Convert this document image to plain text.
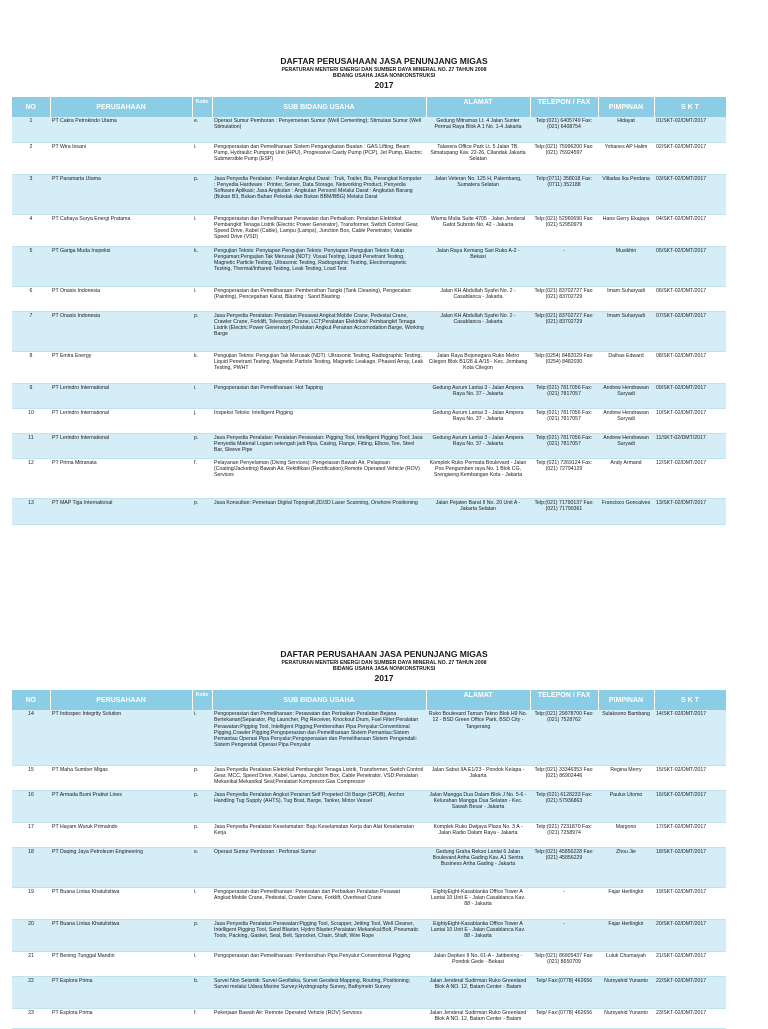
DAFTAR PERUSAHAAN JASA PENUNJANG MIGAS
PERATURAN MENTERI ENERGI DAN SUMBER DAYA MINERAL NO. 27 TAHUN 2008
BIDANG USAHA JASA NONKONSTRUKSI
2017
NO	PERUSAHAAN	Kode	SUB BIDANG USAHA	ALAMAT	TELEPON / FAX	PIMPINAN	S K T
1	PT Cakra Petrokindo Utama	e.	Operasi Sumur Pemboran : Penyemenan Sumur (Well Cementing); Stimulasi Sumur (Well Stimulation)	Gedung Mitramas Lt. 4 Jalan Sunter Permai Raya Blok A 1 No. 1-4 Jakarta	Telp:(021) 6405749 Fax:(021) 6408754	Hidayat	01/SKT-02/DMT/2017
2	PT Wira Insani	i.	Pengoperasian dan Pemeliharaan Sistem Pengangkatan Buatan : GAS Lifting, Beam Pump, Hydraulic Pumping Unit (HPU), Progressive Cavity Pump (PCP), Jet Pump, Electric Submersible Pump (ESP)	Talavera Office Park Lt. 5 Jalan TB. Simatupang Kav. 22-26, Cilandak Jakarta Selatan	Telp:(021) 75996200 Fax:(021) 75924597	Yohanes AP Halim	02/SKT-02/DMT/2017
3	PT Paramarta Utama	p.	Jasa Penyedia Peralatan : Peralatan Angkut Darat : Truk, Trailer, Bis, Perangkat Komputer : Penyedia Hardware : Printer, Server, Data Storage, Networking Product, Penyedia Software Aplikasi; Jasa Angkutan : Angkutan Personil Melalui Darat : Angkutan Barang (Bukan B3, Bukan Bahan Peledak dan Bukan BBM/BBG) Melalui Darat	Jalan Veteran No. 125 H, Palembang, Sumatera Selatan	Telp:(0711) 358018 Fax:(0711) 352188	Villadas Ika Perdana	03/SKT-02/DMT/2017
4	PT Cahaya Surya Energi Pratama	i.	Pengoperasian dan Pemeliharaan Perawatan dan Perbaikan: Peralatan Elektrikal: Pembangkit Tenaga Listrik (Electric Power Generator), Transformer, Switch Control Gear, Speed Drive, Kabel (Cable), Lampu (Lamps), Junction Box, Cable Penetrator, Variable Speed Drive (VSD)	Wisma Mulia Suite 4705 - Jalan Jenderal Gatot Subroto No. 42 - Jakarta	Telp:(021) 52960690 Fax:(021) 52950979	Hans Gerry Ekajaya	04/SKT-02/DMT/2017
5	PT Gariga Muda Inspeksi	k.	Pengujian Teknis: Penyiapan Pengujian Teknis: Penyiapan Pengujian Teknis Katup Pengaman;Pengujian Tak Merusak (NDT): Visual Testing, Liquid Penetrant Testing, Magnetic Particle Testing, Ultrasonic Testing, Radiographic Testing, Electromagnetic Testing, Thermal/Infrared Testing, Leak Testing, Load Test	Jalan Raya Kemang Sari Ruko A-2 - Bekasi	-	Musikhin	05/SKT-02/DMT/2017
6	PT Onasis Indonesia	i.	Pengoperasian dan Pemeliharaan: Pembersihan Tangki (Tank Cleaning), Pengecatan (Painting), Pencegahan Karat, Blasting : Sand Blasting	Jalan KH Abdullah Syafei No. 2 - Casablanca - Jakarta	Telp:(021) 83702727 Fax:(021) 83702729	Imam Suharyadi	06/SKT-02/DMT/2017
7	PT Onasis Indonesia	p.	Jasa Penyedia Peralatan: Peralatan Pesawat Angkat:Mobile Crane, Pedestal Crane, Crawler Crane, Forklift, Telescopic Crane, LCT;Peralatan Elektrikal: Pembangkit Tenaga Listrik (Electric Power Generator);Peralatan Angkut Perairan:Accomodation Barge, Working Barge	Jalan KH Abdullah Syafei No. 2 - Casablanca - Jakarta	Telp:(021) 83702727 Fax:(021) 83702729	Imam Suharyadi	07/SKT-02/DMT/2017
8	PT Emira Energy	k.	Pengujian Teknis: Pengujian Tak Merusak (NDT): Ultrasonic Testing, Radiographic Testing, Liquid Penetrant Testing, Magnetic Particle Testing, Magnetic Leakage, Phased Array, Leak Testing, PWHT	Jalan Raya Bojonegara Ruko Metro Cilegon Blok B1/28 & A/15 - Kec. Jombang Kota Cilegon	Telp:(0254) 8482029 Fax:(0254) 8482030	Dalhas Edward	08/SKT-02/DMT/2017
9	PT Lerindro International	i.	Pengoperasian dan Pemeliharaan: Hot Tapping	Gedung Aurum Lantai 3 - Jalan Ampera Raya No. 37 - Jakarta	Telp:(021) 7817056 Fax:(021) 7817057	Andrew Hendrawan Suryadi	09/SKT-02/DMT/2017
10	PT Lerindro International	j.	Inspeksi Teknis: Intelligent Pigging	Gedung Aurum Lantai 3 - Jalan Ampera Raya No. 37 - Jakarta	Telp:(021) 7817056 Fax:(021) 7817057	Andrew Hendrawan Suryadi	10/SKT-02/DMT/2017
11	PT Lerindro International	p.	Jasa Penyedia Peralatan: Peralatan Perawatan: Pigging Tool, Intelligent Pigging Tool; Jasa Penyedia Material Logam setengah jadi:Pipa, Casing, Flange, Fitting, Elbow, Tee, Steel Bar, Sleeve Pipe	Gedung Aurum Lantai 3 - Jalan Ampera Raya No. 37 - Jakarta	Telp:(021) 7817056 Fax:(021) 7817057	Andrew Hendrawan Suryadi	11/SKT-02/DMT/2017
12	PT Prima Mitranata	f.	Pelayanan Penyelaman (Diving Services): Pengelasan Bawah Air, Pelapisan (Coating/Jacketing) Bawah Air, Rektifikasi (Rectification);Remote Operated Vehicle (ROV) Services	Komplek Ruko Permata Boulevard - Jalan Pos Pengumben raya No. 1 Blok CG, Srengseng Kembangan Kota - Jakarta	Telp:(021) 7269124 Fax:(021) 72794129	Andy Armand	12/SKT-02/DMT/2017
13	PT MAP Tiga International	p.	Jasa Konsultan: Pemetaan Digital Topografi,2D/3D Laser Scanning, Onshore Positioning	Jalan Pejaten Barat II No. 20 Unit A - Jakarta Selatan	Telp:(021) 71790137 Fax:(021) 71790361	Francisco Goncalves	13/SKT-02/DMT/2017
DAFTAR PERUSAHAAN JASA PENUNJANG MIGAS
PERATURAN MENTERI ENERGI DAN SUMBER DAYA MINERAL NO. 27 TAHUN 2008
BIDANG USAHA JASA NONKONSTRUKSI
2017
NO	PERUSAHAAN	Kode	SUB BIDANG USAHA	ALAMAT	TELEPON / FAX	PIMPINAN	S K T
14	PT Indospec Integrity Solution	i.	Pengoperasian dan Pemeliharaan: Perawatan dan Perbaikan Peralatan Bejana Bertekanan(Separator, Pig Launcher, Pig Receiver, Knockout Drum, Fuel Filter;Peralatan Perawatan:Pigging Tool, Intelligent Pigging;Pembersihan Pipa Penyalur:Conventional Pigging,Crawler Pigging;Pengoperasian dan Pemeliharaan Sistem Pemantau:Sistem Pemantau Operasi Pipa Penyalur;Pengoperasian dan Pemeliharaan Sistem Pengendali: Sistem Pengendali Operasi Pipa Penyalur	Ruko Boulevard Taman Tekno Blok H9 No. 12 - BSD Green Office Park, BSD City - Tangerang	Telp:(021) 29978700 Fax:(021) 7528762	Sulaksono Bambang	14/SKT-02/DMT/2017
15	PT Maha Sumber Migas	p.	Jasa Penyedia Peralatan Elektrikal:Pembangkit Tenaga Listrik, Transformer, Switch Control Gear, MCC, Speed Drive, Kabel, Lampu, Junction Box, Cable Penetrator, VSD;Peralatan Mekanikal:Mekanikal Seal;Peralatan Kompresor:Gas Compressor	Jalan Sabut IIA E1/23 - Pondok Kelapa - Jakarta	Telp:(021) 33346353 Fax:(021) 86902446	Regina Merry	15/SKT-02/DMT/2017
16	PT Armada Bumi Pratiwi Lines	p.	Jasa Penyedia Peralatan Angkut Perairan:Self Propeted Oil Barge (SPOB), Anchor Handling Tug Supply (AHTS), Tug Boat, Barge, Tanker, Motor Vessel	Jalan Mangga Dua Dalam Blok J No. 5-6 - Kelurahan Mangga Dua Selatan - Kec. Sawah Besar - Jakarta	Telp:(021) 6128233 Fax:(021) 57936863	Paulus Utomo	16/SKT-02/DMT/2017
17	PT Hayam Wuruk Primaindo	p.	Jasa Penyedia Peralatan Keselamatan: Baju Keselamatan Kerja dan Alat Keselamatan Kerja	Komplek Ruko Dwijaya Plaza No. 3 A - Jalan Radio Dalam Raya - Jakarta	Telp:(021) 7231870 Fax:(021) 7258974	Margono	17/SKT-02/DMT/2017
18	PT Daqing Jaya Petroleum Engineering	e.	Operasi Sumur Pemboran : Perforasi Sumur	Gedung Graha Rekso Lantai 6 Jalan Boulevard Artha Gading Kav. A1 Sentra Business Artha Gading - Jakarta	Telp:(021) 45856228 Fax:(021) 45856229	Zhou Jie	18/SKT-02/DMT/2017
19	PT Buana Lintas Khatulistiwa	i.	Pengoperasian dan Pemeliharaan: Perawatan dan Perbaikan Peralatan Pesawat Angkat:Mobile Crane, Pedestal, Crawler Crane, Forklift, Overhead Crane	EightyEight-Kasablanka Office Tower A Lantai 10 Unit E - Jalan Casablanca Kav. 88 - Jakarta	-	Fajar Herlingkir	19/SKT-02/DMT/2017
20	PT Buana Lintas Khatulistiwa	p.	Jasa Penyedia Peralatan Perawatan:Pigging Tool, Scrapper, Jetting Tool, Well Cleaner, Intelligent Pigging Tool, Sand Blaster, Hydro Blaster;Peralatan Mekanikal:Bolt, Pneumatic Tools, Packing, Gasket, Seal, Belt, Sprocket, Chain, Shaft, Wire Rope	EightyEight-Kasablanka Office Tower A Lantai 10 Unit E - Jalan Casablanca Kav. 88 - Jakarta	-	Fajar Herlingkir	20/SKT-02/DMT/2017
21	PT Bening Tunggal Mandiri	i.	Pengoperasian dan Pemeliharaan: Pembersihan Pipa Penyalur:Conventional Pigging	Jalan Depkes II No. 61-A - Jatibening - Pondok Gede - Bekasi	Telp:(021) 86905437 Fax:(021) 8650709	Luluk Chumaiyah	21/SKT-02/DMT/2017
22	PT Esplora Prima	b.	Survei Non Seismik: Survei Geofisika, Survei Geodesi:Mapping, Routing, Positioning; Survei melalui Udara;Marine Survey:Hydrography Survey, Bathymetri Survey	Jalan Jenderal Sudirman Ruko Greenland Blok A NO. 12, Batam Center - Batam	Telp/ Fax:(0778) 462656	Nursyahid Yunanto	22/SKT-02/DMT/2017
23	PT Esplora Prima	f.	Pekerjaan Bawah Air: Remote Operated Vehicle (ROV) Services	Jalan Jenderal Sudirman Ruko Greenland Blok A NO. 12, Batam Center - Batam	Telp/ Fax:(0778) 462656	Nursyahid Yunanto	23/SKT-02/DMT/2017
